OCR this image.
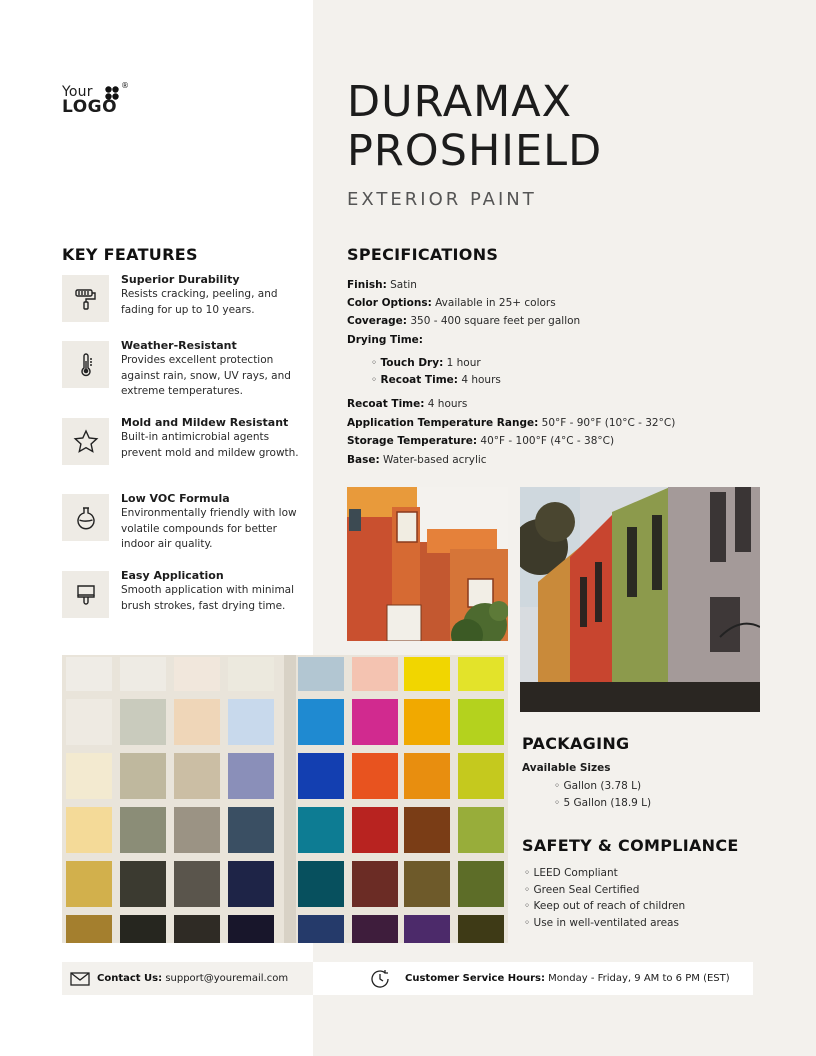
Your	®
LOGO	DURAMAX
PROSHIELD
EXTERIOR PAINT
KEY FEATURES
Superior Durability
Resists cracking, peeling, and fading for up to 10 years.
Weather-Resistant
Provides excellent protection against rain, snow, UV rays, and extreme temperatures.
Mold and Mildew Resistant
Built-in antimicrobial agents prevent mold and mildew growth.
Low VOC Formula
Environmentally friendly with low volatile compounds for better indoor air quality.
Easy Application
Smooth application with minimal brush strokes, fast drying time.
SPECIFICATIONS
Finish: Satin
Color Options: Available in 25+ colors
Coverage: 350 - 400 square feet per gallon
Drying Time:
◦ Touch Dry: 1 hour
◦ Recoat Time: 4 hours
Recoat Time: 4 hours
Application Temperature Range: 50°F - 90°F (10°C - 32°C)
Storage Temperature: 40°F - 100°F (4°C - 38°C)
Base: Water-based acrylic
PACKAGING
Available Sizes
◦ Gallon (3.78 L)
◦ 5 Gallon (18.9 L)
SAFETY & COMPLIANCE
◦ LEED Compliant
◦ Green Seal Certified
◦ Keep out of reach of children
◦ Use in well-ventilated areas
Contact Us:
support@youremail.com	Customer Service Hours:
Monday - Friday, 9 AM to 6 PM (EST)
